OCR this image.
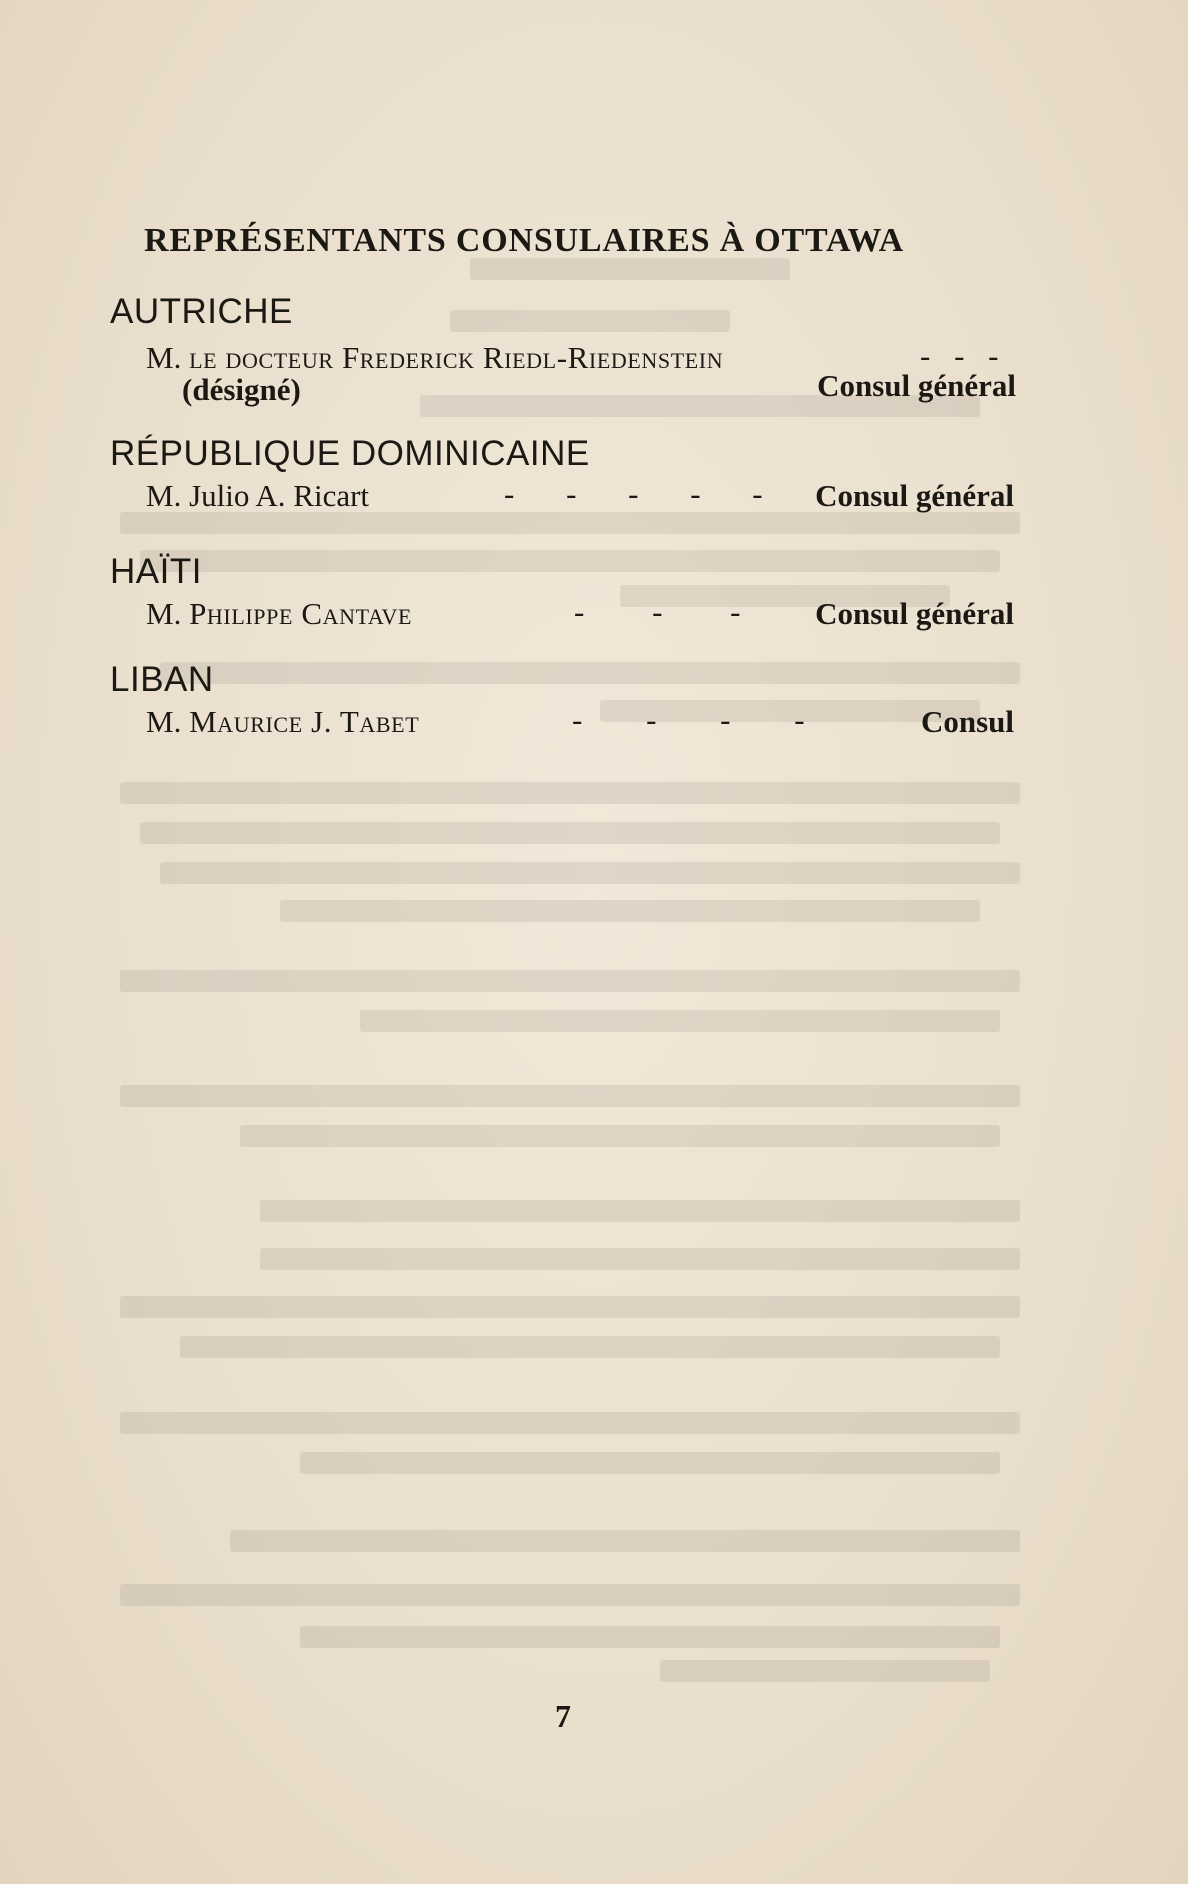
REPRÉSENTANTS CONSULAIRES À OTTAWA
AUTRICHE
M. le docteur Frederick Riedl-Riedenstein	- - -
(désigné)	Consul général
RÉPUBLIQUE DOMINICAINE
M. Julio A. Ricart	- - - - - Consul général
HAÏTI
M. Philippe Cantave	- - - Consul général
LIBAN
M. Maurice J. Tabet	- - - -	Consul
7
